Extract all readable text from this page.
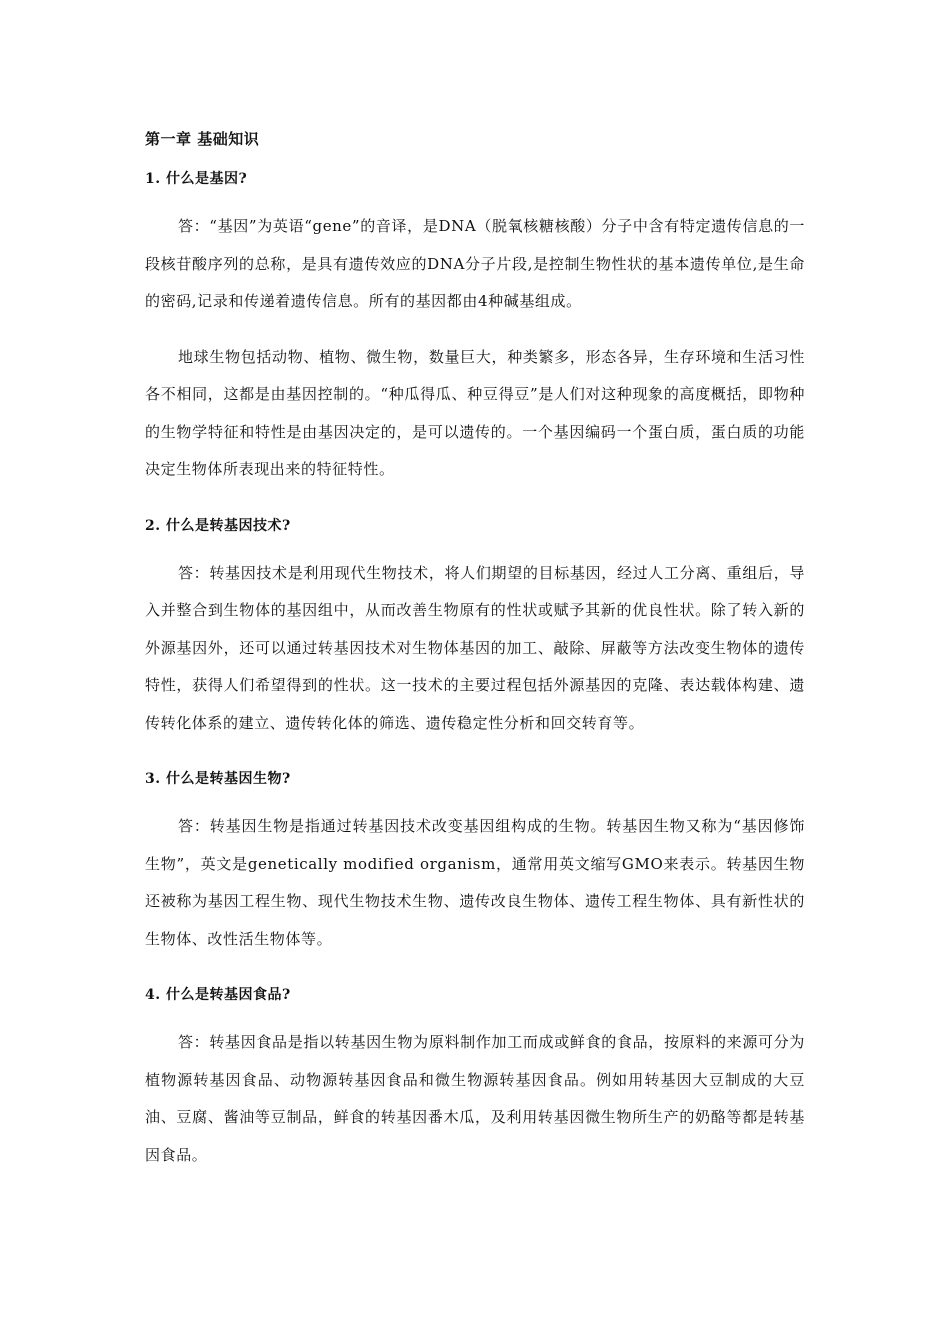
第一章 基础知识
1. 什么是基因?

答：“基因”为英语“gene”的音译，是DNA（脱氧核糖核酸）分子中含有特定遗传信息的一段核苷酸序列的总称，是具有遗传效应的DNA分子片段,是控制生物性状的基本遗传单位,是生命的密码,记录和传递着遗传信息。所有的基因都由4种碱基组成。

地球生物包括动物、植物、微生物，数量巨大，种类繁多，形态各异，生存环境和生活习性各不相同，这都是由基因控制的。“种瓜得瓜、种豆得豆”是人们对这种现象的高度概括，即物种的生物学特征和特性是由基因决定的，是可以遗传的。一个基因编码一个蛋白质，蛋白质的功能决定生物体所表现出来的特征特性。

2. 什么是转基因技术?

答：转基因技术是利用现代生物技术，将人们期望的目标基因，经过人工分离、重组后，导入并整合到生物体的基因组中，从而改善生物原有的性状或赋予其新的优良性状。除了转入新的外源基因外，还可以通过转基因技术对生物体基因的加工、敲除、屏蔽等方法改变生物体的遗传特性，获得人们希望得到的性状。这一技术的主要过程包括外源基因的克隆、表达载体构建、遗传转化体系的建立、遗传转化体的筛选、遗传稳定性分析和回交转育等。

3. 什么是转基因生物?

答：转基因生物是指通过转基因技术改变基因组构成的生物。转基因生物又称为“基因修饰生物”，英文是genetically modified organism，通常用英文缩写GMO来表示。转基因生物还被称为基因工程生物、现代生物技术生物、遗传改良生物体、遗传工程生物体、具有新性状的生物体、改性活生物体等。

4. 什么是转基因食品?

答：转基因食品是指以转基因生物为原料制作加工而成或鲜食的食品，按原料的来源可分为植物源转基因食品、动物源转基因食品和微生物源转基因食品。例如用转基因大豆制成的大豆油、豆腐、酱油等豆制品，鲜食的转基因番木瓜，及利用转基因微生物所生产的奶酪等都是转基因食品。
